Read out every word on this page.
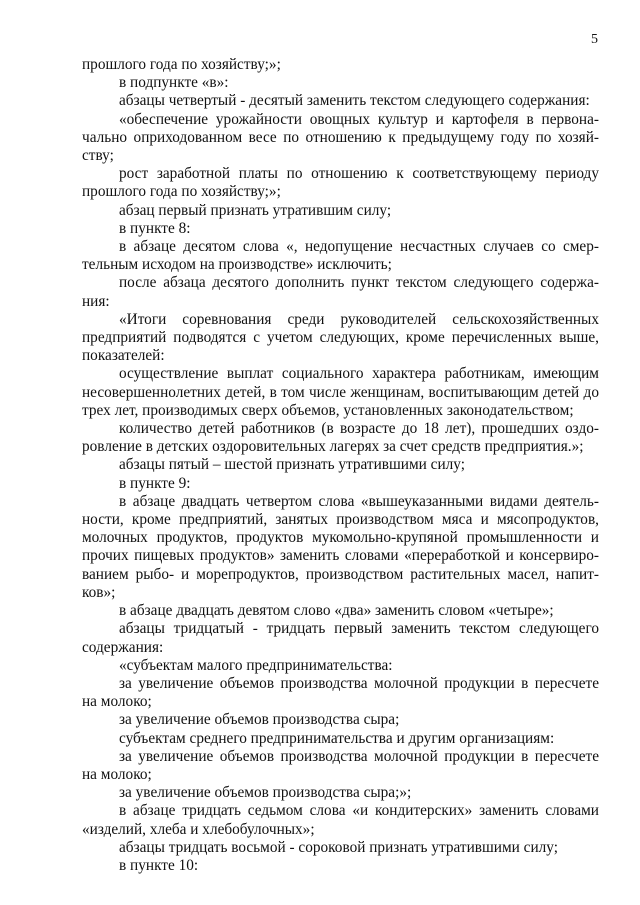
5

прошлого года по хозяйству;»;

в подпункте «в»:

абзацы четвертый - десятый заменить текстом следующего содержания:

«обеспечение урожайности овощных культур и картофеля в первоначально оприходованном весе по отношению к предыдущему году по хозяйству;

рост заработной платы по отношению к соответствующему периоду прошлого года по хозяйству;»;

абзац первый признать утратившим силу;

в пункте 8:

в абзаце десятом слова «, недопущение несчастных случаев со смертельным исходом на производстве» исключить;

после абзаца десятого дополнить пункт текстом следующего содержания:

«Итоги соревнования среди руководителей сельскохозяйственных предприятий подводятся с учетом следующих, кроме перечисленных выше, показателей:

осуществление выплат социального характера работникам, имеющим несовершеннолетних детей, в том числе женщинам, воспитывающим детей до трех лет, производимых сверх объемов, установленных законодательством;

количество детей работников (в возрасте до 18 лет), прошедших оздоровление в детских оздоровительных лагерях за счет средств предприятия.»;

абзацы пятый – шестой признать утратившими силу;

в пункте 9:

в абзаце двадцать четвертом слова «вышеуказанными видами деятельности, кроме предприятий, занятых производством мяса и мясопродуктов, молочных продуктов, продуктов мукомольно-крупяной промышленности и прочих пищевых продуктов» заменить словами «переработкой и консервированием рыбо- и морепродуктов, производством растительных масел, напитков»;

в абзаце двадцать девятом слово «два» заменить словом «четыре»;

абзацы тридцатый - тридцать первый заменить текстом следующего содержания:

«субъектам малого предпринимательства:

за увеличение объемов производства молочной продукции в пересчете на молоко;

за увеличение объемов производства сыра;

субъектам среднего предпринимательства и другим организациям:

за увеличение объемов производства молочной продукции в пересчете на молоко;

за увеличение объемов производства сыра;»;

в абзаце тридцать седьмом слова «и кондитерских» заменить словами «изделий, хлеба и хлебобулочных»;

абзацы тридцать восьмой - сороковой признать утратившими силу;

в пункте 10:
